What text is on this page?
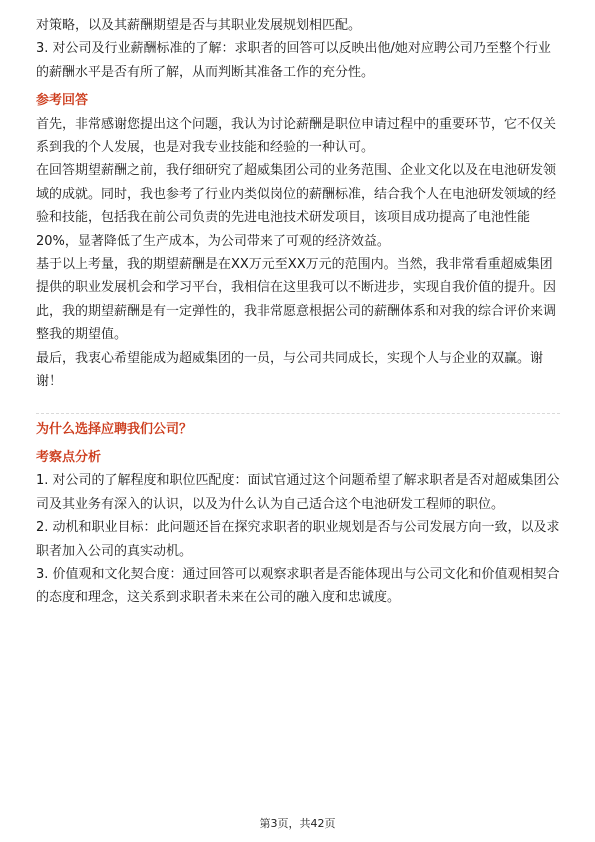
对策略，以及其薪酬期望是否与其职业发展规划相匹配。

3. 对公司及行业薪酬标准的了解：求职者的回答可以反映出他/她对应聘公司乃至整个行业的薪酬水平是否有所了解，从而判断其准备工作的充分性。

参考回答

首先，非常感谢您提出这个问题，我认为讨论薪酬是职位申请过程中的重要环节，它不仅关系到我的个人发展，也是对我专业技能和经验的一种认可。

在回答期望薪酬之前，我仔细研究了超威集团公司的业务范围、企业文化以及在电池研发领域的成就。同时，我也参考了行业内类似岗位的薪酬标准，结合我个人在电池研发领域的经验和技能，包括我在前公司负责的先进电池技术研发项目，该项目成功提高了电池性能20%，显著降低了生产成本，为公司带来了可观的经济效益。

基于以上考量，我的期望薪酬是在XX万元至XX万元的范围内。当然，我非常看重超威集团提供的职业发展机会和学习平台，我相信在这里我可以不断进步，实现自我价值的提升。因此，我的期望薪酬是有一定弹性的，我非常愿意根据公司的薪酬体系和对我的综合评价来调整我的期望值。

最后，我衷心希望能成为超威集团的一员，与公司共同成长，实现个人与企业的双赢。谢谢！

为什么选择应聘我们公司？

考察点分析

1. 对公司的了解程度和职位匹配度：面试官通过这个问题希望了解求职者是否对超威集团公司及其业务有深入的认识，以及为什么认为自己适合这个电池研发工程师的职位。

2. 动机和职业目标：此问题还旨在探究求职者的职业规划是否与公司发展方向一致，以及求职者加入公司的真实动机。

3. 价值观和文化契合度：通过回答可以观察求职者是否能体现出与公司文化和价值观相契合的态度和理念，这关系到求职者未来在公司的融入度和忠诚度。

第3页，共42页
